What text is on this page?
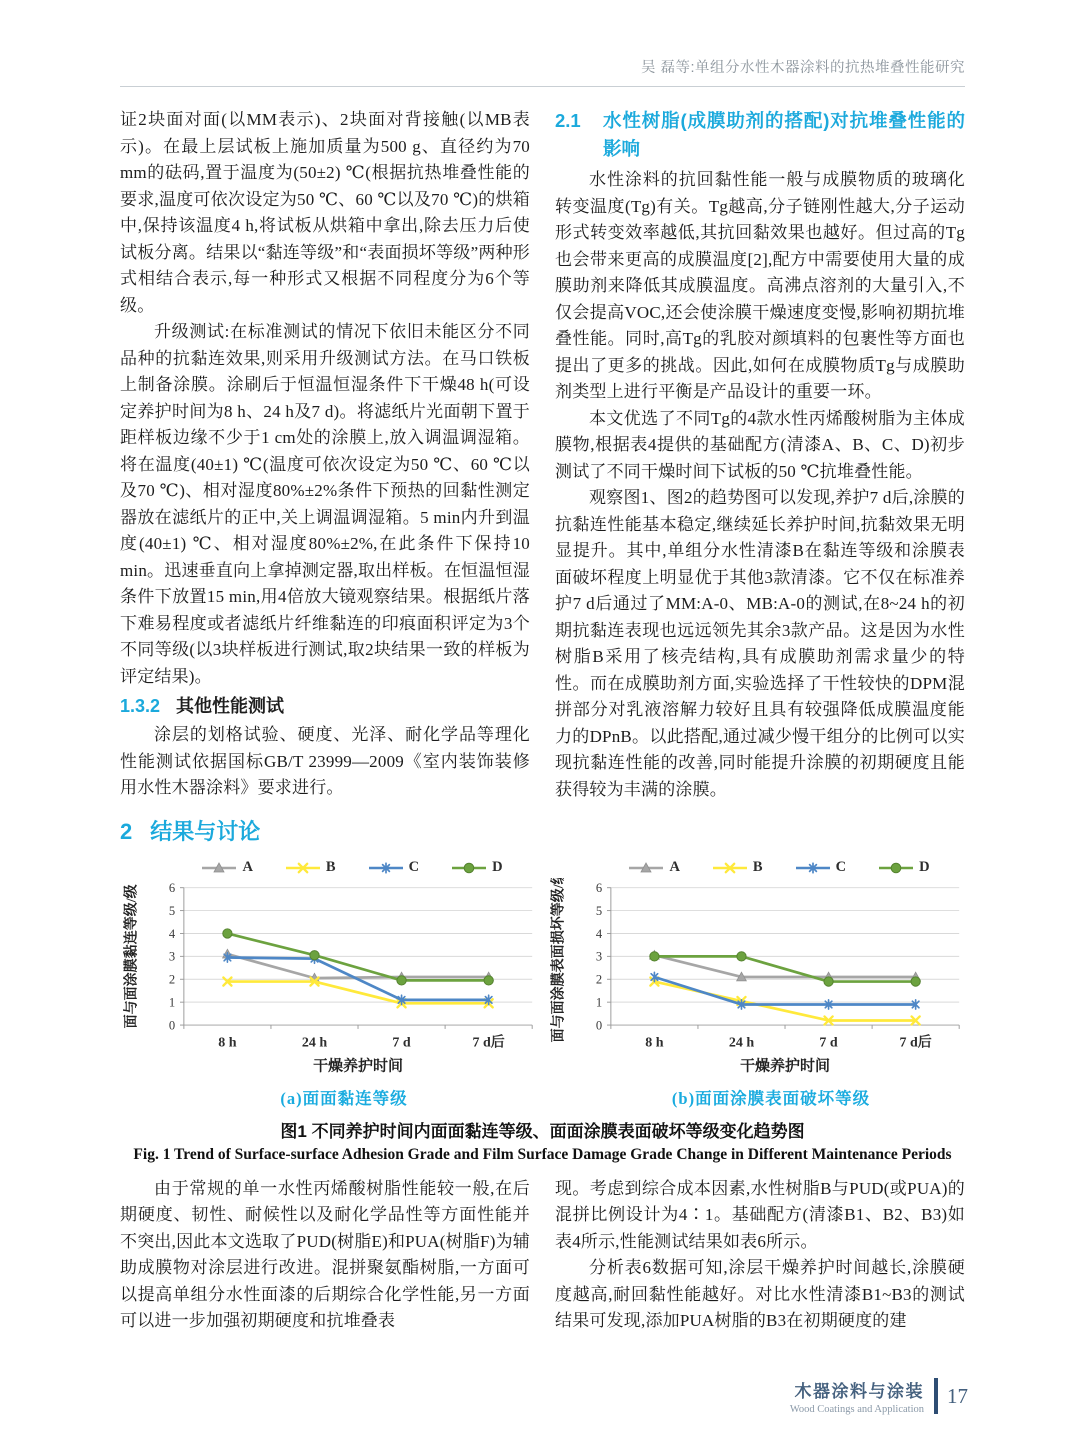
吴 磊等:单组分水性木器涂料的抗热堆叠性能研究

证2块面对面(以MM表示)、2块面对背接触(以MB表示)。在最上层试板上施加质量为500 g、直径约为70 mm的砝码,置于温度为(50±2) ℃(根据抗热堆叠性能的要求,温度可依次设定为50 ℃、60 ℃以及70 ℃)的烘箱中,保持该温度4 h,将试板从烘箱中拿出,除去压力后使试板分离。结果以“黏连等级”和“表面损坏等级”两种形式相结合表示,每一种形式又根据不同程度分为6个等级。

升级测试:在标准测试的情况下依旧未能区分不同品种的抗黏连效果,则采用升级测试方法。在马口铁板上制备涂膜。涂刷后于恒温恒湿条件下干燥48 h(可设定养护时间为8 h、24 h及7 d)。将滤纸片光面朝下置于距样板边缘不少于1 cm处的涂膜上,放入调温调湿箱。将在温度(40±1) ℃(温度可依次设定为50 ℃、60 ℃以及70 ℃)、相对湿度80%±2%条件下预热的回黏性测定器放在滤纸片的正中,关上调温调湿箱。5 min内升到温度(40±1) ℃、相对湿度80%±2%,在此条件下保持10 min。迅速垂直向上拿掉测定器,取出样板。在恒温恒湿条件下放置15 min,用4倍放大镜观察结果。根据纸片落下难易程度或者滤纸片纤维黏连的印痕面积评定为3个不同等级(以3块样板进行测试,取2块结果一致的样板为评定结果)。

1.3.2 其他性能测试

涂层的划格试验、硬度、光泽、耐化学品等理化性能测试依据国标GB/T 23999—2009《室内装饰装修用水性木器涂料》要求进行。

2 结果与讨论
2.1	水性树脂(成膜助剂的搭配)对抗堆叠性能的影响

水性涂料的抗回黏性能一般与成膜物质的玻璃化转变温度(Tg)有关。Tg越高,分子链刚性越大,分子运动形式转变效率越低,其抗回黏效果也越好。但过高的Tg也会带来更高的成膜温度[2],配方中需要使用大量的成膜助剂来降低其成膜温度。高沸点溶剂的大量引入,不仅会提高VOC,还会使涂膜干燥速度变慢,影响初期抗堆叠性能。同时,高Tg的乳胶对颜填料的包裹性等方面也提出了更多的挑战。因此,如何在成膜物质Tg与成膜助剂类型上进行平衡是产品设计的重要一环。

本文优选了不同Tg的4款水性丙烯酸树脂为主体成膜物,根据表4提供的基础配方(清漆A、B、C、D)初步测试了不同干燥时间下试板的50 ℃抗堆叠性能。

观察图1、图2的趋势图可以发现,养护7 d后,涂膜的抗黏连性能基本稳定,继续延长养护时间,抗黏效果无明显提升。其中,单组分水性清漆B在黏连等级和涂膜表面破坏程度上明显优于其他3款清漆。它不仅在标准养护7 d后通过了MM:A-0、MB:A-0的测试,在8~24 h的初期抗黏连表现也远远领先其余3款产品。这是因为水性树脂B采用了核壳结构,具有成膜助剂需求量少的特性。而在成膜助剂方面,实验选择了干性较快的DPM混拼部分对乳液溶解力较好且具有较强降低成膜温度能力的DPnB。以此搭配,通过减少慢干组分的比例可以实现抗黏连性能的改善,同时能提升涂膜的初期硬度且能获得较为丰满的涂膜。

A	B	C	D
0
1
2
3
4
5
6
8 h	24 h	7 d	7 d后
干燥养护时间
面与面涂膜黏连等级/级
(a)面面黏连等级
A	B	C	D
0
1
2
3
4
5
6
8 h	24 h	7 d	7 d后
干燥养护时间
面与面涂膜表面损坏等级/级
(b)面面涂膜表面破坏等级
图1 不同养护时间内面面黏连等级、面面涂膜表面破坏等级变化趋势图
Fig. 1 Trend of Surface-surface Adhesion Grade and Film Surface Damage Grade Change in Different Maintenance Periods

由于常规的单一水性丙烯酸树脂性能较一般,在后期硬度、韧性、耐候性以及耐化学品性等方面性能并不突出,因此本文选取了PUD(树脂E)和PUA(树脂F)为辅助成膜物对涂层进行改进。混拼聚氨酯树脂,一方面可以提高单组分水性面漆的后期综合化学性能,另一方面可以进一步加强初期硬度和抗堆叠表

现。考虑到综合成本因素,水性树脂B与PUD(或PUA)的混拼比例设计为4∶1。基础配方(清漆B1、B2、B3)如表4所示,性能测试结果如表6所示。

分析表6数据可知,涂层干燥养护时间越长,涂膜硬度越高,耐回黏性能越好。对比水性清漆B1~B3的测试结果可发现,添加PUA树脂的B3在初期硬度的建

木器涂料与涂装
Wood Coatings and Application
17
